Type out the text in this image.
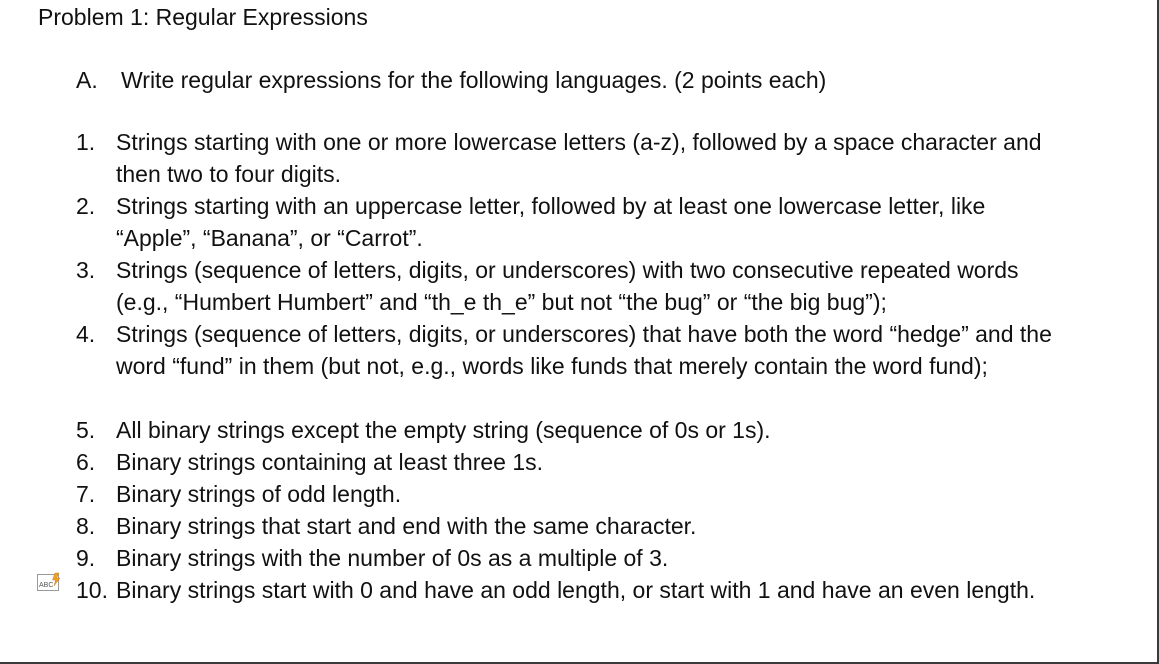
Problem 1: Regular Expressions
A. Write regular expressions for the following languages. (2 points each)
1. Strings starting with one or more lowercase letters (a-z), followed by a space character and then two to four digits.
2. Strings starting with an uppercase letter, followed by at least one lowercase letter, like “Apple”, “Banana”, or “Carrot”.
3. Strings (sequence of letters, digits, or underscores) with two consecutive repeated words (e.g., “Humbert Humbert” and “th_e th_e” but not “the bug” or “the big bug”);
4. Strings (sequence of letters, digits, or underscores) that have both the word “hedge” and the word “fund” in them (but not, e.g., words like funds that merely contain the word fund);
5. All binary strings except the empty string (sequence of 0s or 1s).
6. Binary strings containing at least three 1s.
7. Binary strings of odd length.
8. Binary strings that start and end with the same character.
9. Binary strings with the number of 0s as a multiple of 3.
10. Binary strings start with 0 and have an odd length, or start with 1 and have an even length.
ABC
